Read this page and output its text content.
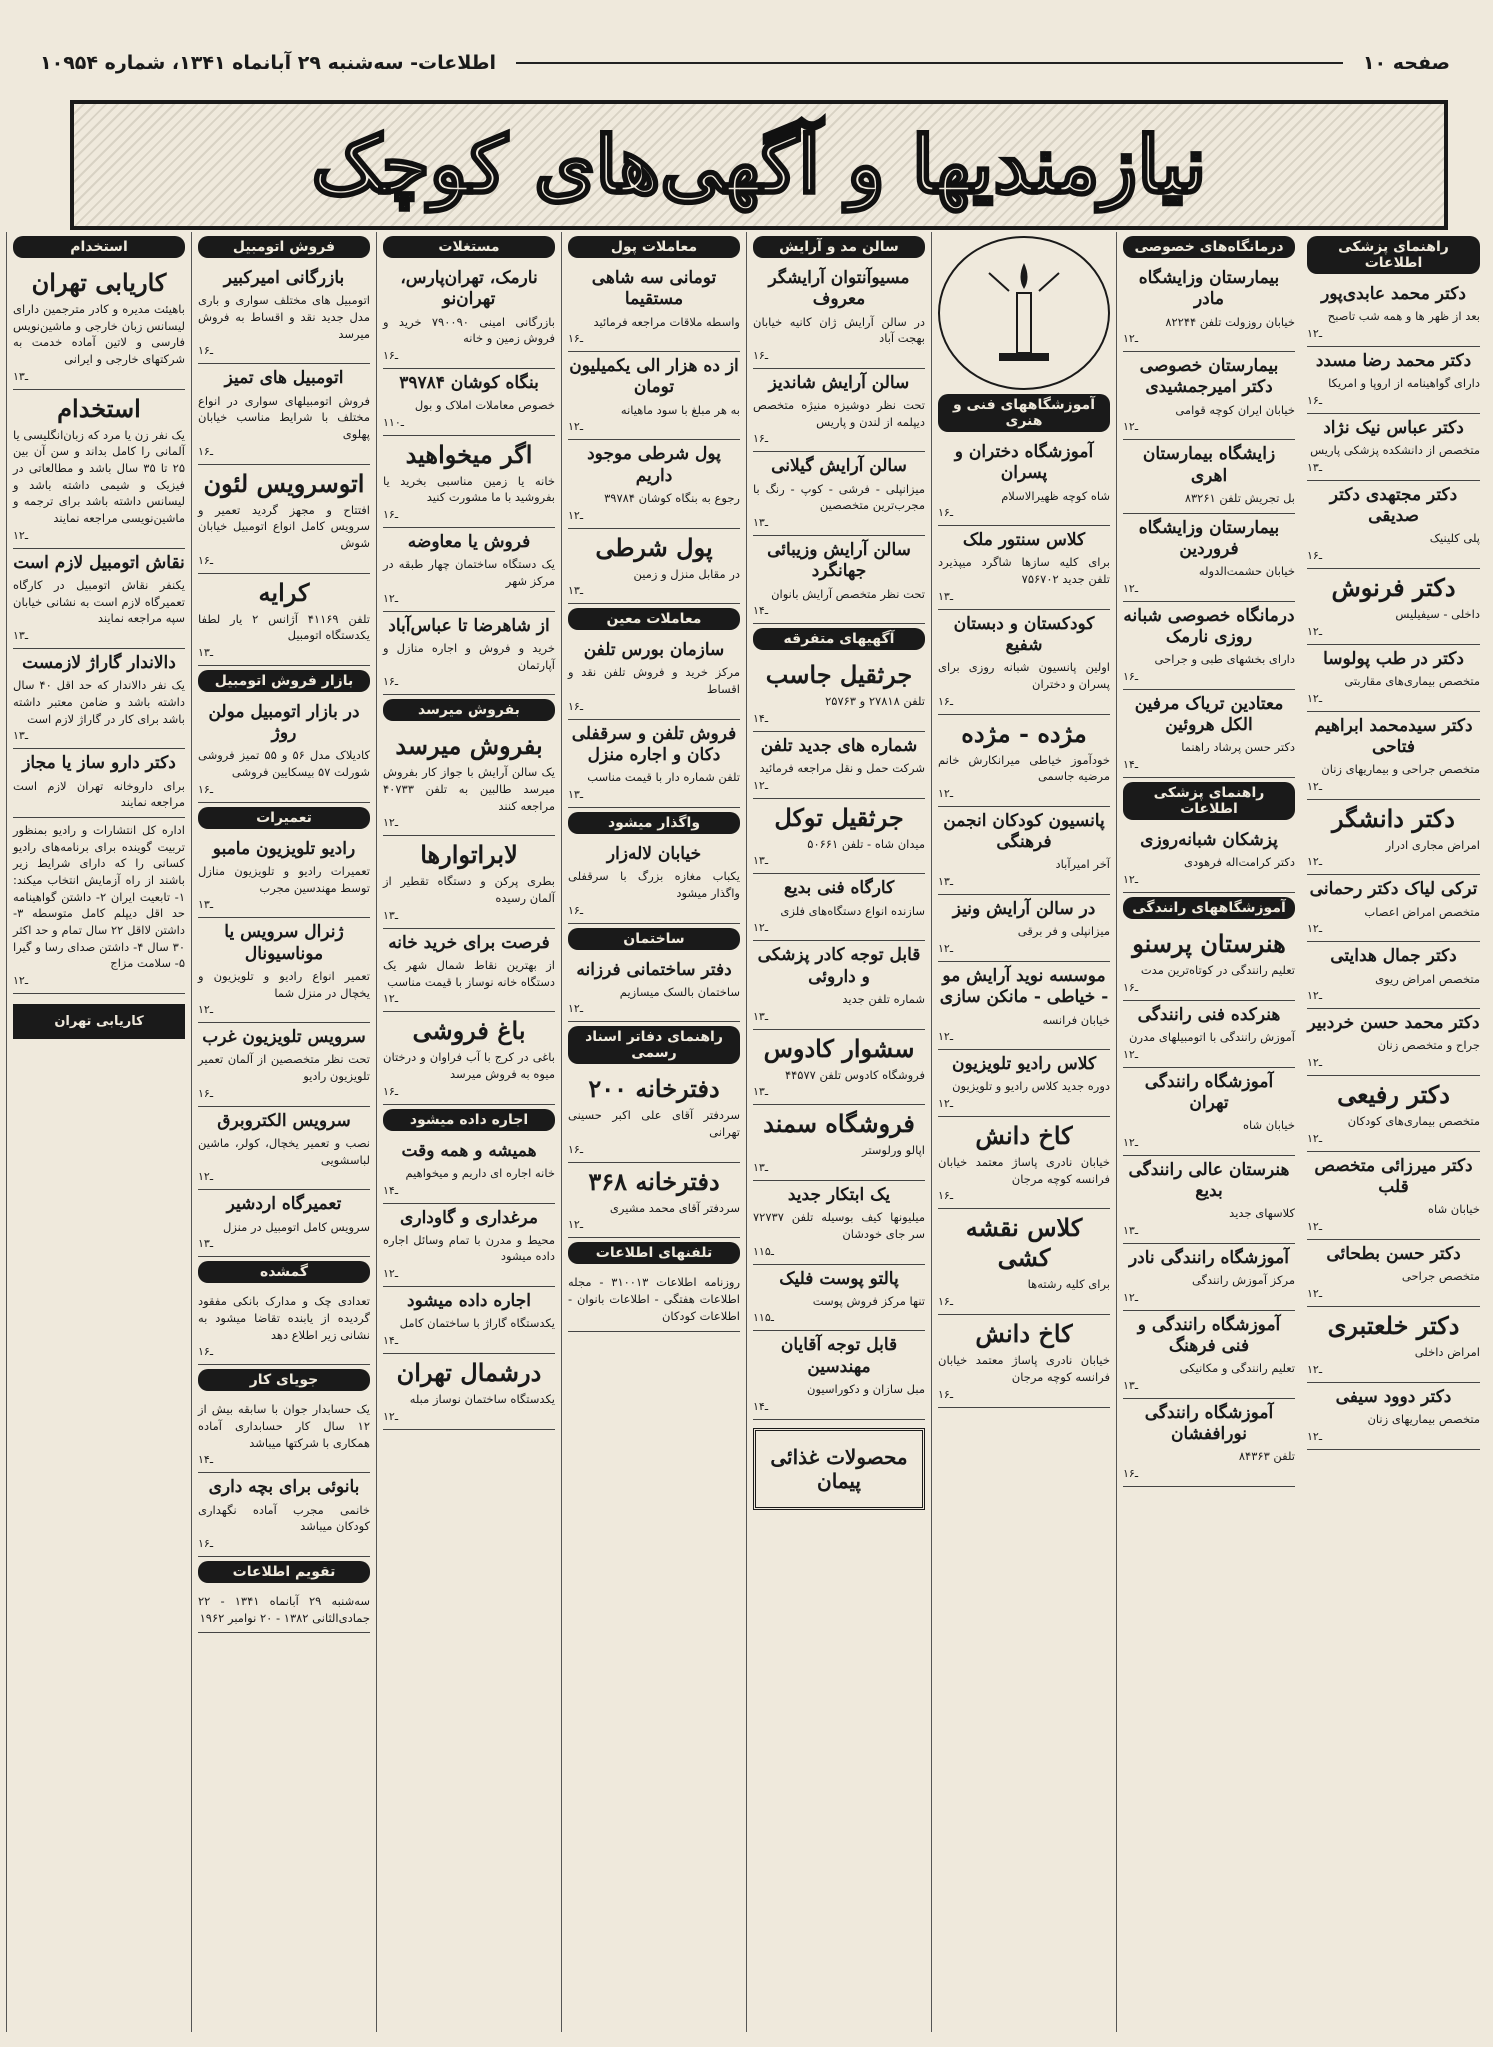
صفحه ۱۰
اطلاعات- سه‌شنبه ۲۹ آبانماه ۱۳۴۱، شماره ۱۰۹۵۴
نیازمندیها و آگهی‌های کوچک
استخدام
کاریابی تهران

باهیئت مدیره و کادر مترجمین دارای لیسانس زبان خارجی و ماشین‌نویس فارسی و لاتین آماده خدمت به شرکتهای خارجی و ایرانی

۱ـ۳
استخدام

یک نفر زن یا مرد که زبان‌انگلیسی یا آلمانی را کامل بداند و سن آن بین ۲۵ تا ۳۵ سال باشد و مطالعاتی در فیزیک و شیمی داشته باشد و لیسانس داشته باشد برای ترجمه و ماشین‌نویسی مراجعه نمایند

۱ـ۲
نقاش اتومبیل لازم است

یکنفر نقاش اتومبیل در کارگاه تعمیرگاه لازم است به نشانی خیابان سپه مراجعه نمایند

۱ـ۳
دالاندار گاراژ لازمست

یک نفر دالاندار که حد اقل ۴۰ سال داشته باشد و ضامن معتبر داشته باشد برای کار در گاراژ لازم است

۱ـ۳
دکتر دارو ساز یا مجاز

برای داروخانه تهران لازم است مراجعه نمایند

اداره کل انتشارات و رادیو بمنظور تربیت گوینده برای برنامه‌های رادیو کسانی را که دارای شرایط زیر باشند از راه آزمایش انتخاب میکند: ۱- تابعیت ایران ۲- داشتن گواهینامه حد اقل دیپلم کامل متوسطه ۳- داشتن لااقل ۲۲ سال تمام و حد اکثر ۳۰ سال ۴- داشتن صدای رسا و گیرا ۵- سلامت مزاج

۱ـ۲
کاریابی تهران
فروش اتومبیل
بازرگانی امیرکبیر

اتومبیل های مختلف سواری و باری مدل جدید نقد و اقساط به فروش میرسد

۱ـ۶
اتومبیل های تمیز

فروش اتومبیلهای سواری در انواع مختلف با شرایط مناسب خیابان پهلوی

۱ـ۶
اتوسرویس لئون

افتتاح و مجهز گردید تعمیر و سرویس کامل انواع اتومبیل خیابان شوش

۱ـ۶
کرایه

تلفن ۴۱۱۶۹ آژانس ۲ یار لطفا یکدستگاه اتومبیل

۱ـ۳
بازار فروش اتومبیل
در بازار اتومبیل مولن روژ

کادیلاک مدل ۵۶ و ۵۵ تمیز فروشی شورلت ۵۷ بیسکایین فروشی

۱ـ۶
تعمیرات
رادیو تلویزیون مامبو

تعمیرات رادیو و تلویزیون منازل توسط مهندسین مجرب

۱ـ۳
ژنرال سرویس یا موناسیونال

تعمیر انواع رادیو و تلویزیون و یخچال در منزل شما

۱ـ۲
سرویس تلویزیون غرب

تحت نظر متخصصین از آلمان تعمیر تلویزیون رادیو

۱ـ۶
سرویس الکتروبرق

نصب و تعمیر یخچال، کولر، ماشین لباسشویی

۱ـ۲
تعمیرگاه اردشیر

سرویس کامل اتومبیل در منزل

۱ـ۳
گمشده

تعدادی چک و مدارک بانکی مفقود گردیده از یابنده تقاضا میشود به نشانی زیر اطلاع دهد

۱ـ۶
جویای کار

یک حسابدار جوان با سابقه بیش از ۱۲ سال کار حسابداری آماده همکاری با شرکتها میباشد

۱ـ۴
بانوئی برای بچه داری

خانمی مجرب آماده نگهداری کودکان میباشد

۱ـ۶
تقویم اطلاعات

سه‌شنبه ۲۹ آبانماه ۱۳۴۱ - ۲۲ جمادی‌الثانی ۱۳۸۲ - ۲۰ نوامبر ۱۹۶۲

مستغلات
نارمک، تهران‌پارس، تهران‌نو

بازرگانی امینی ۷۹۰۰۹۰ خرید و فروش زمین و خانه

۱ـ۶
بنگاه کوشان ۳۹۷۸۴

خصوص معاملات املاک و بول

۱ـ۱۰
اگر میخواهید

خانه یا زمین مناسبی بخرید یا بفروشید با ما مشورت کنید

۱ـ۶
فروش یا معاوضه

یک دستگاه ساختمان چهار طبقه در مرکز شهر

۱ـ۲
از شاهرضا تا عباس‌آباد

خرید و فروش و اجاره منازل و آپارتمان

۱ـ۶
بفروش میرسد
بفروش میرسد

یک سالن آرایش با جواز کار بفروش میرسد طالبین به تلفن ۴۰۷۳۳ مراجعه کنند

۱ـ۲
لابراتوارها

بطری پرکن و دستگاه تقطیر از آلمان رسیده

۱ـ۳
فرصت برای خرید خانه

از بهترین نقاط شمال شهر یک دستگاه خانه نوساز با قیمت مناسب

۱ـ۲
باغ فروشی

باغی در کرج با آب فراوان و درختان میوه به فروش میرسد

۱ـ۶
اجاره داده میشود
همیشه و همه وقت

خانه اجاره ای داریم و میخواهیم

۱ـ۴
مرغداری و گاوداری

محیط و مدرن با تمام وسائل اجاره داده میشود

۱ـ۲
اجاره داده میشود

یکدستگاه گاراژ با ساختمان کامل

۱ـ۴
درشمال تهران

یکدستگاه ساختمان نوساز مبله

۱ـ۲
معاملات پول
تومانی سه شاهی مستقیما

واسطه ملاقات مراجعه فرمائید

۱ـ۶
از ده هزار الی یکمیلیون تومان

به هر مبلغ با سود ماهیانه

۱ـ۲
پول شرطی موجود داریم

رجوع به بنگاه کوشان ۳۹۷۸۴

۱ـ۲
پول شرطی

در مقابل منزل و زمین

۱ـ۳
معاملات معین
سازمان بورس تلفن

مرکز خرید و فروش تلفن نقد و اقساط

۱ـ۶
فروش تلفن و سرقفلی دکان و اجاره منزل

تلفن شماره دار با قیمت مناسب

۱ـ۳
واگذار میشود
خیابان لاله‌زار

یکباب مغازه بزرگ با سرقفلی واگذار میشود

۱ـ۶
ساختمان
دفتر ساختمانی فرزانه

ساختمان بالسک میسازیم

۱ـ۲
راهنمای دفاتر اسناد رسمی
دفترخانه ۲۰۰

سردفتر آقای علی اکبر حسینی تهرانی

۱ـ۶
دفترخانه ۳۶۸

سردفتر آقای محمد مشیری

۱ـ۲
تلفنهای اطلاعات

روزنامه اطلاعات ۳۱۰۰۱۳ - مجله اطلاعات هفتگی - اطلاعات بانوان - اطلاعات کودکان

سالن مد و آرایش
مسیوآنتوان آرایشگر معروف

در سالن آرایش ژان کانیه خیابان بهجت آباد

۱ـ۶
سالن آرایش شاندیز

تحت نظر دوشیزه منیژه متخصص دیپلمه از لندن و پاریس

۱ـ۶
سالن آرایش گیلانی

میزانپلی - فرشی - کوپ - رنگ با مجرب‌ترین متخصصین

۱ـ۳
سالن آرایش وزیبائی جهانگرد

تحت نظر متخصص آرایش بانوان

۱ـ۴
آگهیهای متفرقه
جرثقیل جاسب

تلفن ۲۷۸۱۸ و ۲۵۷۶۳

۱ـ۴
شماره های جدید تلفن

شرکت حمل و نقل مراجعه فرمائید

۱ـ۲
جرثقیل توکل

میدان شاه - تلفن ۵۰۶۶۱

۱ـ۳
کارگاه فنی بدیع

سازنده انواع دستگاه‌های فلزی

۱ـ۲
قابل توجه کادر پزشکی و داروئی

شماره تلفن جدید

۱ـ۳
سشوار کادوس

فروشگاه کادوس تلفن ۴۴۵۷۷

۱ـ۳
فروشگاه سمند

اپالو ورلوستر

۱ـ۳
یک ابتکار جدید

میلیونها کیف بوسیله تلفن ۷۲۷۳۷ سر جای خودشان

۱ـ۱۵
پالتو پوست فلیک

تنها مرکز فروش پوست

۱ـ۱۵
قابل توجه آقایان مهندسین

مبل سازان و دکوراسیون

۱ـ۴
محصولات غذائی پیمان
آموزشگاههای فنی و هنری
آموزشگاه دختران و پسران

شاه کوچه ظهیرالاسلام

۱ـ۶
کلاس سنتور ملک

برای کلیه سازها شاگرد میپذیرد تلفن جدید ۷۵۶۷۰۲

۱ـ۳
کودکستان و دبستان شفیع

اولین پانسیون شبانه روزی برای پسران و دختران

۱ـ۶
مژده - مژده

خودآموز خیاطی میرانکارش خانم مرضیه جاسمی

۱ـ۲
پانسیون کودکان انجمن فرهنگی

آخر امیرآباد

۱ـ۳
در سالن آرایش ونیز

میزانپلی و فر برقی

۱ـ۲
موسسه نوید آرایش مو - خیاطی - مانکن سازی

خیابان فرانسه

۱ـ۲
کلاس رادیو تلویزیون

دوره جدید کلاس رادیو و تلویزیون

۱ـ۲
کاخ دانش

خیابان نادری پاساژ معتمد خیابان فرانسه کوچه مرجان

۱ـ۶
کلاس نقشه کشی

برای کلیه رشته‌ها

۱ـ۶
کاخ دانش

خیابان نادری پاساژ معتمد خیابان فرانسه کوچه مرجان

۱ـ۶
درمانگاه‌های خصوصی
بیمارستان وزایشگاه مادر

خیابان روزولت تلفن ۸۲۲۴۴

۱ـ۲
بیمارستان خصوصی دکتر امیرجمشیدی

خیابان ایران کوچه قوامی

۱ـ۲
زایشگاه بیمارستان اهری

بل تجریش تلفن ۸۳۲۶۱

بیمارستان وزایشگاه فروردین

خیابان حشمت‌الدوله

۱ـ۲
درمانگاه خصوصی شبانه روزی نارمک

دارای بخشهای طبی و جراحی

۱ـ۶
معتادین تریاک مرفین الکل هروئین

دکتر حسن پرشاد راهنما

۱ـ۴
راهنمای پزشکی اطلاعات
پزشکان شبانه‌روزی

دکتر کرامت‌اله فرهودی

۱ـ۲
آموزشگاههای رانندگی
هنرستان پرسنو

تعلیم رانندگی در کوتاه‌ترین مدت

۱ـ۶
هنرکده فنی رانندگی

آموزش رانندگی با اتومبیلهای مدرن

۱ـ۲
آموزشگاه رانندگی تهران

خیابان شاه

۱ـ۲
هنرستان عالی رانندگی بدیع

کلاسهای جدید

۱ـ۳
آموزشگاه رانندگی نادر

مرکز آموزش رانندگی

۱ـ۲
آموزشگاه رانندگی و فنی فرهنگ

تعلیم رانندگی و مکانیکی

۱ـ۳
آموزشگاه رانندگی نوراففشان

تلفن ۸۴۳۶۳

۱ـ۶
راهنمای پزشکی اطلاعات
دکتر محمد عابدی‌پور

بعد از ظهر ها و همه شب تاصبح

۱ـ۲
دکتر محمد رضا مسدد

دارای گواهینامه از اروپا و امریکا

۱ـ۶
دکتر عباس نیک نژاد

متخصص از دانشکده پزشکی پاریس

۱ـ۳
دکتر مجتهدی دکتر صدیقی

پلی کلینیک

۱ـ۶
دکتر فرنوش

داخلی - سیفیلیس

۱ـ۲
دکتر در طب پولوسا

متخصص بیماری‌های مقاربتی

۱ـ۲
دکتر سیدمحمد ابراهیم فتاحی

متخصص جراحی و بیماریهای زنان

۱ـ۲
دکتر دانشگر

امراض مجاری ادرار

۱ـ۲
ترکی لیاک دکتر رحمانی

متخصص امراض اعصاب

۱ـ۲
دکتر جمال هدایتی

متخصص امراض ریوی

۱ـ۲
دکتر محمد حسن خردبیر

جراح و متخصص زنان

۱ـ۲
دکتر رفیعی

متخصص بیماری‌های کودکان

۱ـ۲
دکتر میرزائی متخصص قلب

خیابان شاه

۱ـ۲
دکتر حسن بطحائی

متخصص جراحی

۱ـ۲
دکتر خلعتبری

امراض داخلی

۱ـ۲
دکتر دوود سیفی

متخصص بیماریهای زنان

۱ـ۲
